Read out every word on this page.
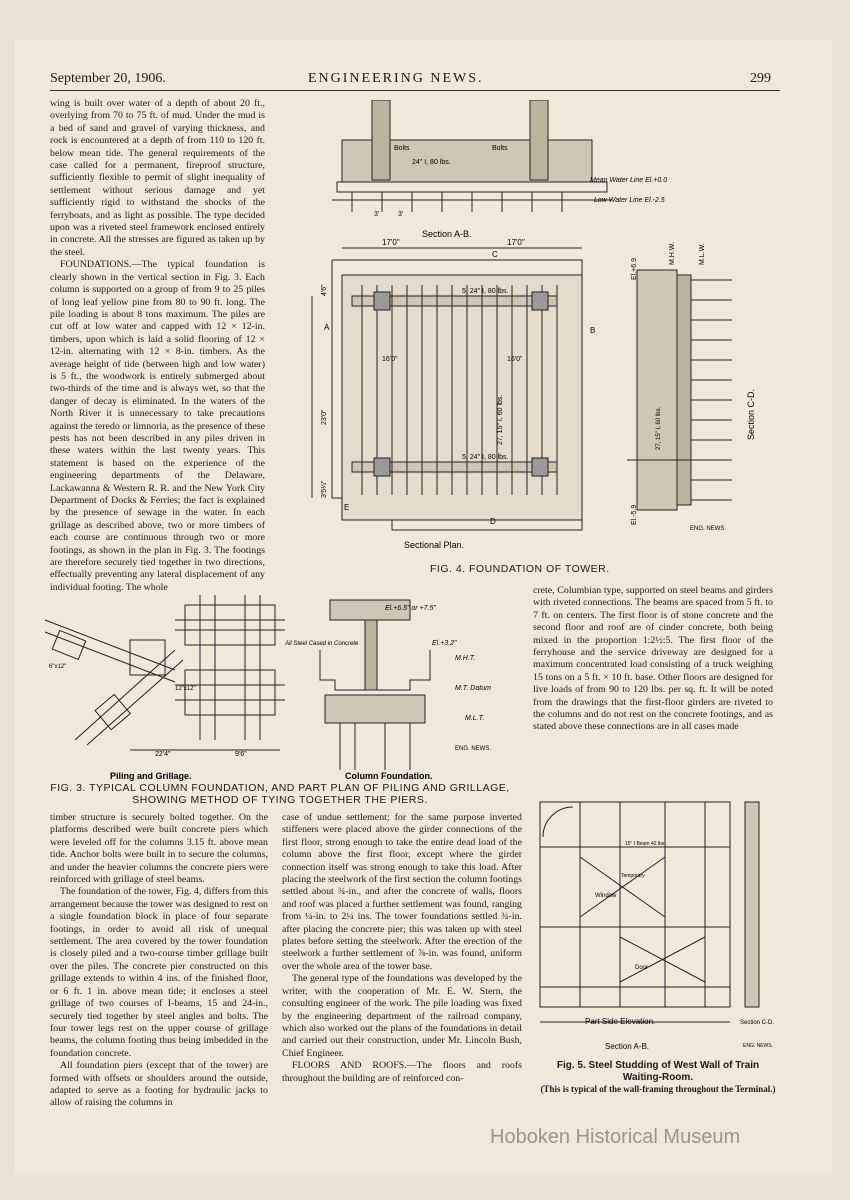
September 20, 1906.	ENGINEERING NEWS.	299

wing is built over water of a depth of about 20 ft., overlying from 70 to 75 ft. of mud. Under the mud is a bed of sand and gravel of varying thickness, and rock is encountered at a depth of from 110 to 120 ft. below mean tide. The general requirements of the case called for a permanent, fireproof structure, sufficiently flexible to permit of slight inequality of settlement without serious damage and yet sufficiently rigid to withstand the shocks of the ferryboats, and as light as possible. The type decided upon was a riveted steel framework enclosed entirely in concrete. All the stresses are figured as taken up by the steel.

FOUNDATIONS.—The typical foundation is clearly shown in the vertical section in Fig. 3. Each column is supported on a group of from 9 to 25 piles of long leaf yellow pine from 80 to 90 ft. long. The pile loading is about 8 tons maximum. The piles are cut off at low water and capped with 12 × 12-in. timbers, upon which is laid a solid flooring of 12 × 12-in. alternating with 12 × 8-in. timbers. As the average height of tide (between high and low water) is 5 ft., the woodwork is entirely submerged about two-thirds of the time and is always wet, so that the danger of decay is eliminated. In the waters of the North River it is unnecessary to take precautions against the teredo or limnoria, as the presence of these pests has not been described in any piles driven in these waters within the last twenty years. This statement is based on the experience of the engineering departments of the Delaware, Lackawanna & Western R. R. and the New York City Department of Docks & Ferries; the fact is explained by the presence of sewage in the water. In each grillage as described above, two or more timbers of each course are continuous through two or more footings, as shown in the plan in Fig. 3. The footings are therefore securely tied together in two directions, effectually preventing any lateral displacement of any individual footing. The whole

Bolts	Bolts
24" I, 80 lbs.
Mean Water Line El.+0.0
Low Water Line El.-2.5
3'	3'
Section A-B.
17'0"	17'0"
C
A	B
D
E
16'0"	16'0"
5, 24" I, 80 lbs.
5, 24" I, 80 lbs.
27, 15" I, 60 lbs.
23'0"
4'6"
3'5¼"
Sectional Plan.
El.+6.9
El.-5.9
M.H.W.	M.L.W.
27, 15" I, 60 lbs.	Section C-D.
ENG. NEWS.
FIG. 4. FOUNDATION OF TOWER.
22'4"	9'6"
12"x12"
6"x12"
Piling and Grillage.
El.+6.5" or +7.5"
El.+3.2"
All Steel Cased in Concrete
M.H.T.
M.T. Datum
M.L.T.
ENG. NEWS.
Column Foundation.
FIG. 3. TYPICAL COLUMN FOUNDATION, AND PART PLAN OF PILING AND GRILLAGE, SHOWING METHOD OF TYING TOGETHER THE PIERS.

crete, Columbian type, supported on steel beams and girders with riveted connections. The beams are spaced from 5 ft. to 7 ft. on centers. The first floor is of stone concrete and the second floor and roof are of cinder concrete, both being mixed in the proportion 1:2½:5. The first floor of the ferryhouse and the service driveway are designed for a maximum concentrated load consisting of a truck weighing 15 tons on a 5 ft. × 10 ft. base. Other floors are designed for live loads of from 90 to 120 lbs. per sq. ft. It will be noted from the drawings that the first-floor girders are riveted to the columns and do not rest on the concrete footings, and as stated above these connections are in all cases made

timber structure is securely bolted together. On the platforms described were built concrete piers which were leveled off for the columns 3.15 ft. above mean tide. Anchor bolts were built in to secure the columns, and under the heavier columns the concrete piers were reinforced with grillage of steel beams.

The foundation of the tower, Fig. 4, differs from this arrangement because the tower was designed to rest on a single foundation block in place of four separate footings, in order to avoid all risk of unequal settlement. The area covered by the tower foundation is closely piled and a two-course timber grillage built over the piles. The concrete pier constructed on this grillage extends to within 4 ins. of the finished floor, or 6 ft. 1 in. above mean tide; it encloses a steel grillage of two courses of I-beams, 15 and 24-in., securely tied together by steel angles and bolts. The four tower legs rest on the upper course of grillage beams, the column footing thus being imbedded in the foundation concrete.

All foundation piers (except that of the tower) are formed with offsets or shoulders around the outside, adapted to serve as a footing for hydraulic jacks to allow of raising the columns in

case of undue settlement; for the same purpose inverted stiffeners were placed above the girder connections of the first floor, strong enough to take the entire dead load of the column above the first floor, except where the girder connection itself was strong enough to take this load. After placing the steelwork of the first section the column footings settled about ¾-in., and after the concrete of walls, floors and roof was placed a further settlement was found, ranging from ¼-in. to 2¼ ins. The tower foundations settled ¾-in. after placing the concrete pier; this was taken up with steel plates before setting the steelwork. After the erection of the steelwork a further settlement of ⅞-in. was found, uniform over the whole area of the tower base.

The general type of the foundations was developed by the writer, with the cooperation of Mr. E. W. Stern, the consulting engineer of the work. The pile loading was fixed by the engineering department of the railroad company, which also worked out the plans of the foundations in detail and carried out their construction, under Mr. Lincoln Bush, Chief Engineer.

FLOORS AND ROOFS.—The floors and roofs throughout the building are of reinforced con-

Window
Door
Temporary
15" I Beam 42 lbs.
Part Side Elevation.	Section C-D.
Section A-B.	ENG. NEWS.
Fig. 5. Steel Studding of West Wall of Train Waiting-Room.
(This is typical of the wall-framing throughout the Terminal.)
Hoboken Historical Museum
